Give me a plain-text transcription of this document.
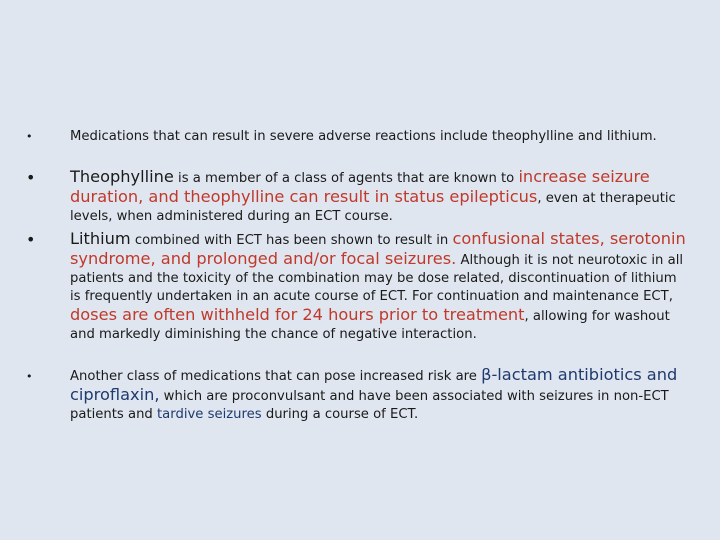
•	Medications that can result in severe adverse reactions include theophylline and lithium.
•	Theophylline is a member of a class of agents that are known to increase seizure duration, and theophylline can result in status epilepticus, even at therapeutic levels, when administered during an ECT course.
•	Lithium combined with ECT has been shown to result in confusional states, serotonin syndrome, and prolonged and/or focal seizures. Although it is not neurotoxic in all patients and the toxicity of the combination may be dose related, discontinuation of lithium is frequently undertaken in an acute course of ECT. For continuation and maintenance ECT, doses are often withheld for 24 hours prior to treatment, allowing for washout and markedly diminishing the chance of negative interaction.
•	Another class of medications that can pose increased risk are β-lactam antibiotics and ciproflaxin, which are proconvulsant and have been associated with seizures in non-ECT patients and tardive seizures during a course of ECT.
